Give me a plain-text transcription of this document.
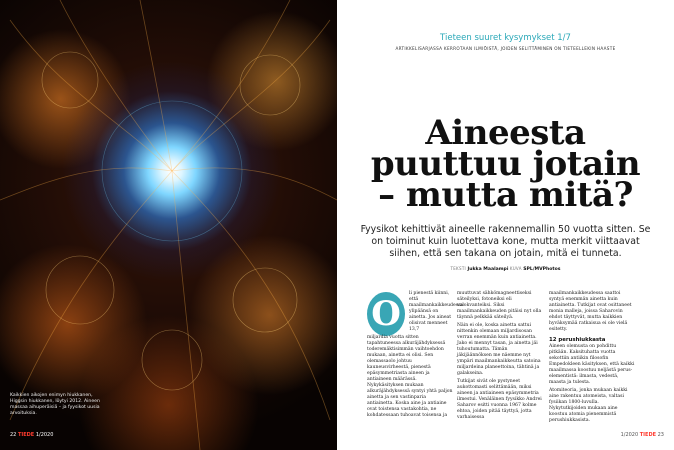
Kaikkien aikojen enimyn hiukkanen, Higgsin hiukkanen, löytyi 2012. Aineen massaa aihuperäisiä – ja fyysikot uusia arvoituksia.
22 TIEDE 1/2020
Tieteen suuret kysymykset 1/7
ARTIKKELISARJASSA KERROTAAN ILMIÖISTÄ, JOIDEN SELITTÄMINEN ON TIETEELLEKIN HAASTE
Aineesta
puuttuu jotain
– mutta mitä?
Fyysikot kehittivät aineelle rakennemallin 50 vuotta sitten. Se on toiminut kuin luotettava kone, mutta merkit viittaavat siihen, että sen takana on jotain, mitä ei tunneta.
TEKSTI Jukka Maalampi KUVA SPL/MVPhotos
O

li pienestä kiinni, että maailmankaikkeudessa ylipäänsä on ainetta. Jos aineat olisivat menneet 13,7

miljardia vuotta sitten tapahtuneessa alkuräjähdyksessä toderemäktisimmän vaihtoehdon mukaan, ainetta ei olisi. Sen olemassaolo johtuu kauneusvirheestä, pienestä epäsymmetriasta aineen ja antiaineen määrässä. Nykykäsityksen mukaan alkuräjähdyksessä syntyi yhtä paljon ainetta ja sen vastinparia antiainetta. Koska aine ja antiaine ovat toistensa vastakohtia, ne kohdatessaan tuhoavat toisensa ja

muuttuvat sähkömagneettiseksi säteilyksi, fotoneiksi eli valokvanteiksi. Siksi maailmankaikkeuden pitäisi nyt olla täynnä pelkkää säteilyä.

Näin ei ole, koska ainetta sattui nittenkin olemaan miljardisosan verran enemmän kuin antiainetta. Jako ei mennyt tasan, ja ainetta jäi tuhoutumatta. Tämän jäkijäännöksen me näemme nyt ympäri maailmankaikkeutta satoina miljardeina planeettoina, tähtinä ja galakseina.

Tutkijat sivät ole pystyneet aukottomasti selittämään, miksi aineen ja antiaineen epäsymmetria ilmestui. Venäläinen fyysikko Andrei Saharov esitti vuonna 1967 kolme ehtoa, joiden pitää täyttyä, jotta varhaisessa

maailmankaikkeudessa saattoi syntyä enemmän ainetta kuin antiainetta. Tutkijat ovat osittaneet monia malleja, joissa Saharovin ehdot täyttyvät, mutta kaikkien hyväksymää ratkaisua ei ole vielä esitetty.

12 perushiukkasta

Aineen olemusta on pohdittu pitkään. Kaksituhatta vuotta sekottiin antiikin filosofin Empedokleen käsityksen, että kaikki maailmassa koostuu neljästä peruselementistä: ilmasta, vedestä, maasta ja tulesta.

Atomiteoria, jonka mukaan kaikki aine rakentuu atomeista, valtasi fysiikan 1800-luvulla. Nykytutkijoiden mukaan aine koostuu atomia pienemmistä perushiukkasista.

1/2020 TIEDE 23
